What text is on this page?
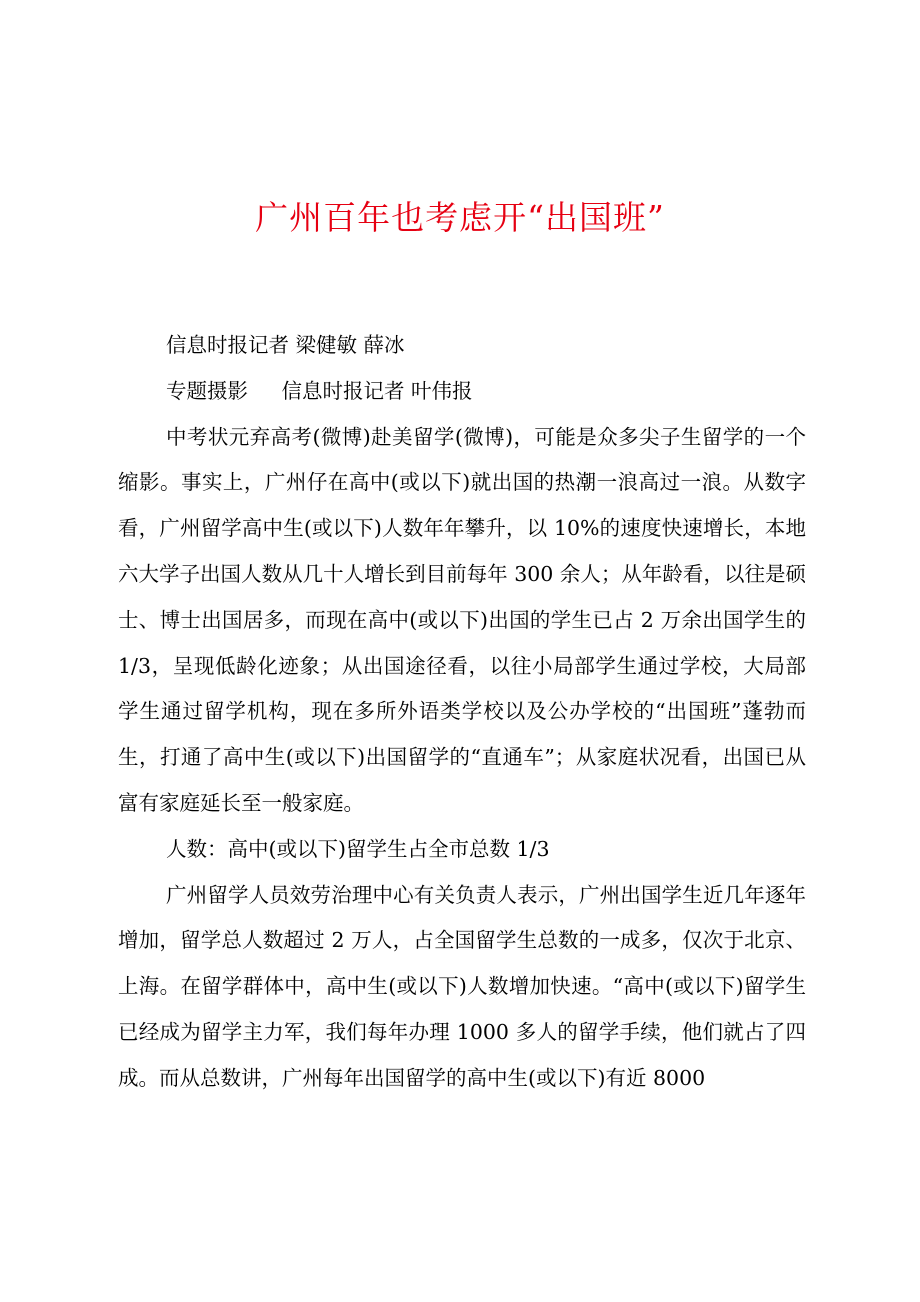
广州百年也考虑开“出国班”

信息时报记者 梁健敏 薛冰

专题摄影 　 信息时报记者 叶伟报

中考状元弃高考(微博)赴美留学(微博)，可能是众多尖子生留学的一个缩影。事实上，广州仔在高中(或以下)就出国的热潮一浪高过一浪。从数字看，广州留学高中生(或以下)人数年年攀升，以 10%的速度快速增长，本地六大学子出国人数从几十人增长到目前每年 300 余人；从年龄看，以往是硕士、博士出国居多，而现在高中(或以下)出国的学生已占 2 万余出国学生的 1/3，呈现低龄化迹象；从出国途径看，以往小局部学生通过学校，大局部学生通过留学机构，现在多所外语类学校以及公办学校的“出国班”蓬勃而生，打通了高中生(或以下)出国留学的“直通车”；从家庭状况看，出国已从富有家庭延长至一般家庭。

人数：高中(或以下)留学生占全市总数 1/3

广州留学人员效劳治理中心有关负责人表示，广州出国学生近几年逐年增加，留学总人数超过 2 万人，占全国留学生总数的一成多，仅次于北京、上海。在留学群体中，高中生(或以下)人数增加快速。“高中(或以下)留学生已经成为留学主力军，我们每年办理 1000 多人的留学手续，他们就占了四成。而从总数讲，广州每年出国留学的高中生(或以下)有近 8000
